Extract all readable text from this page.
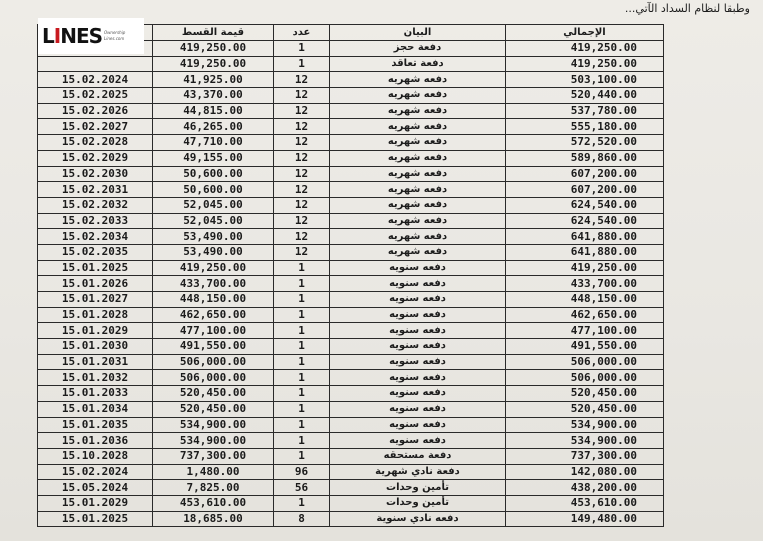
وطبقا لنظام السداد الآتي...
LINES Ownership
Lines.com
	قيمة القسط	عدد	البيان	الإجمالي
	419,250.00	1	دفعة حجز	419,250.00
	419,250.00	1	دفعة تعاقد	419,250.00
15.02.2024	41,925.00	12	دفعه شهريه	503,100.00
15.02.2025	43,370.00	12	دفعه شهريه	520,440.00
15.02.2026	44,815.00	12	دفعه شهريه	537,780.00
15.02.2027	46,265.00	12	دفعه شهريه	555,180.00
15.02.2028	47,710.00	12	دفعه شهريه	572,520.00
15.02.2029	49,155.00	12	دفعه شهريه	589,860.00
15.02.2030	50,600.00	12	دفعه شهريه	607,200.00
15.02.2031	50,600.00	12	دفعه شهريه	607,200.00
15.02.2032	52,045.00	12	دفعه شهريه	624,540.00
15.02.2033	52,045.00	12	دفعه شهريه	624,540.00
15.02.2034	53,490.00	12	دفعه شهريه	641,880.00
15.02.2035	53,490.00	12	دفعه شهريه	641,880.00
15.01.2025	419,250.00	1	دفعه سنويه	419,250.00
15.01.2026	433,700.00	1	دفعه سنويه	433,700.00
15.01.2027	448,150.00	1	دفعه سنويه	448,150.00
15.01.2028	462,650.00	1	دفعه سنويه	462,650.00
15.01.2029	477,100.00	1	دفعه سنويه	477,100.00
15.01.2030	491,550.00	1	دفعه سنويه	491,550.00
15.01.2031	506,000.00	1	دفعه سنويه	506,000.00
15.01.2032	506,000.00	1	دفعه سنويه	506,000.00
15.01.2033	520,450.00	1	دفعه سنويه	520,450.00
15.01.2034	520,450.00	1	دفعه سنويه	520,450.00
15.01.2035	534,900.00	1	دفعه سنويه	534,900.00
15.01.2036	534,900.00	1	دفعه سنويه	534,900.00
15.10.2028	737,300.00	1	دفعة مستحقه	737,300.00
15.02.2024	1,480.00	96	دفعة نادي شهرية	142,080.00
15.05.2024	7,825.00	56	تأمين وحدات	438,200.00
15.01.2029	453,610.00	1	تأمين وحدات	453,610.00
15.01.2025	18,685.00	8	دفعه نادي سنوية	149,480.00
